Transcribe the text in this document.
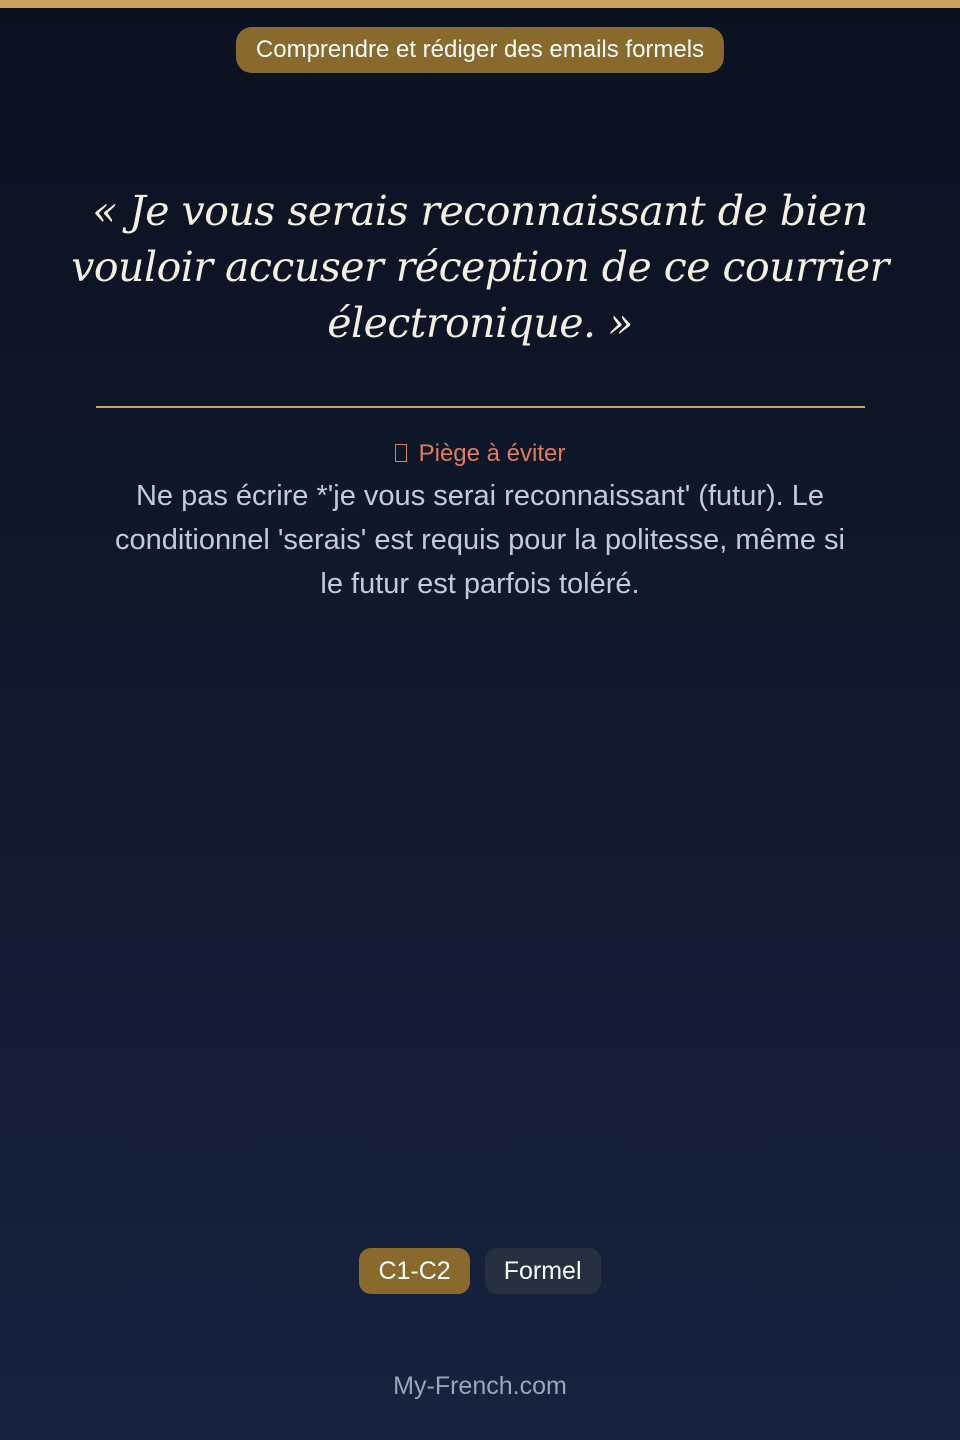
Comprendre et rédiger des emails formels

« Je vous serais reconnaissant de bien vouloir accuser réception de ce courrier électronique. »

Piège à éviter

Ne pas écrire *'je vous serai reconnaissant' (futur). Le conditionnel 'serais' est requis pour la politesse, même si le futur est parfois toléré.

C1-C2	Formel
My-French.com
